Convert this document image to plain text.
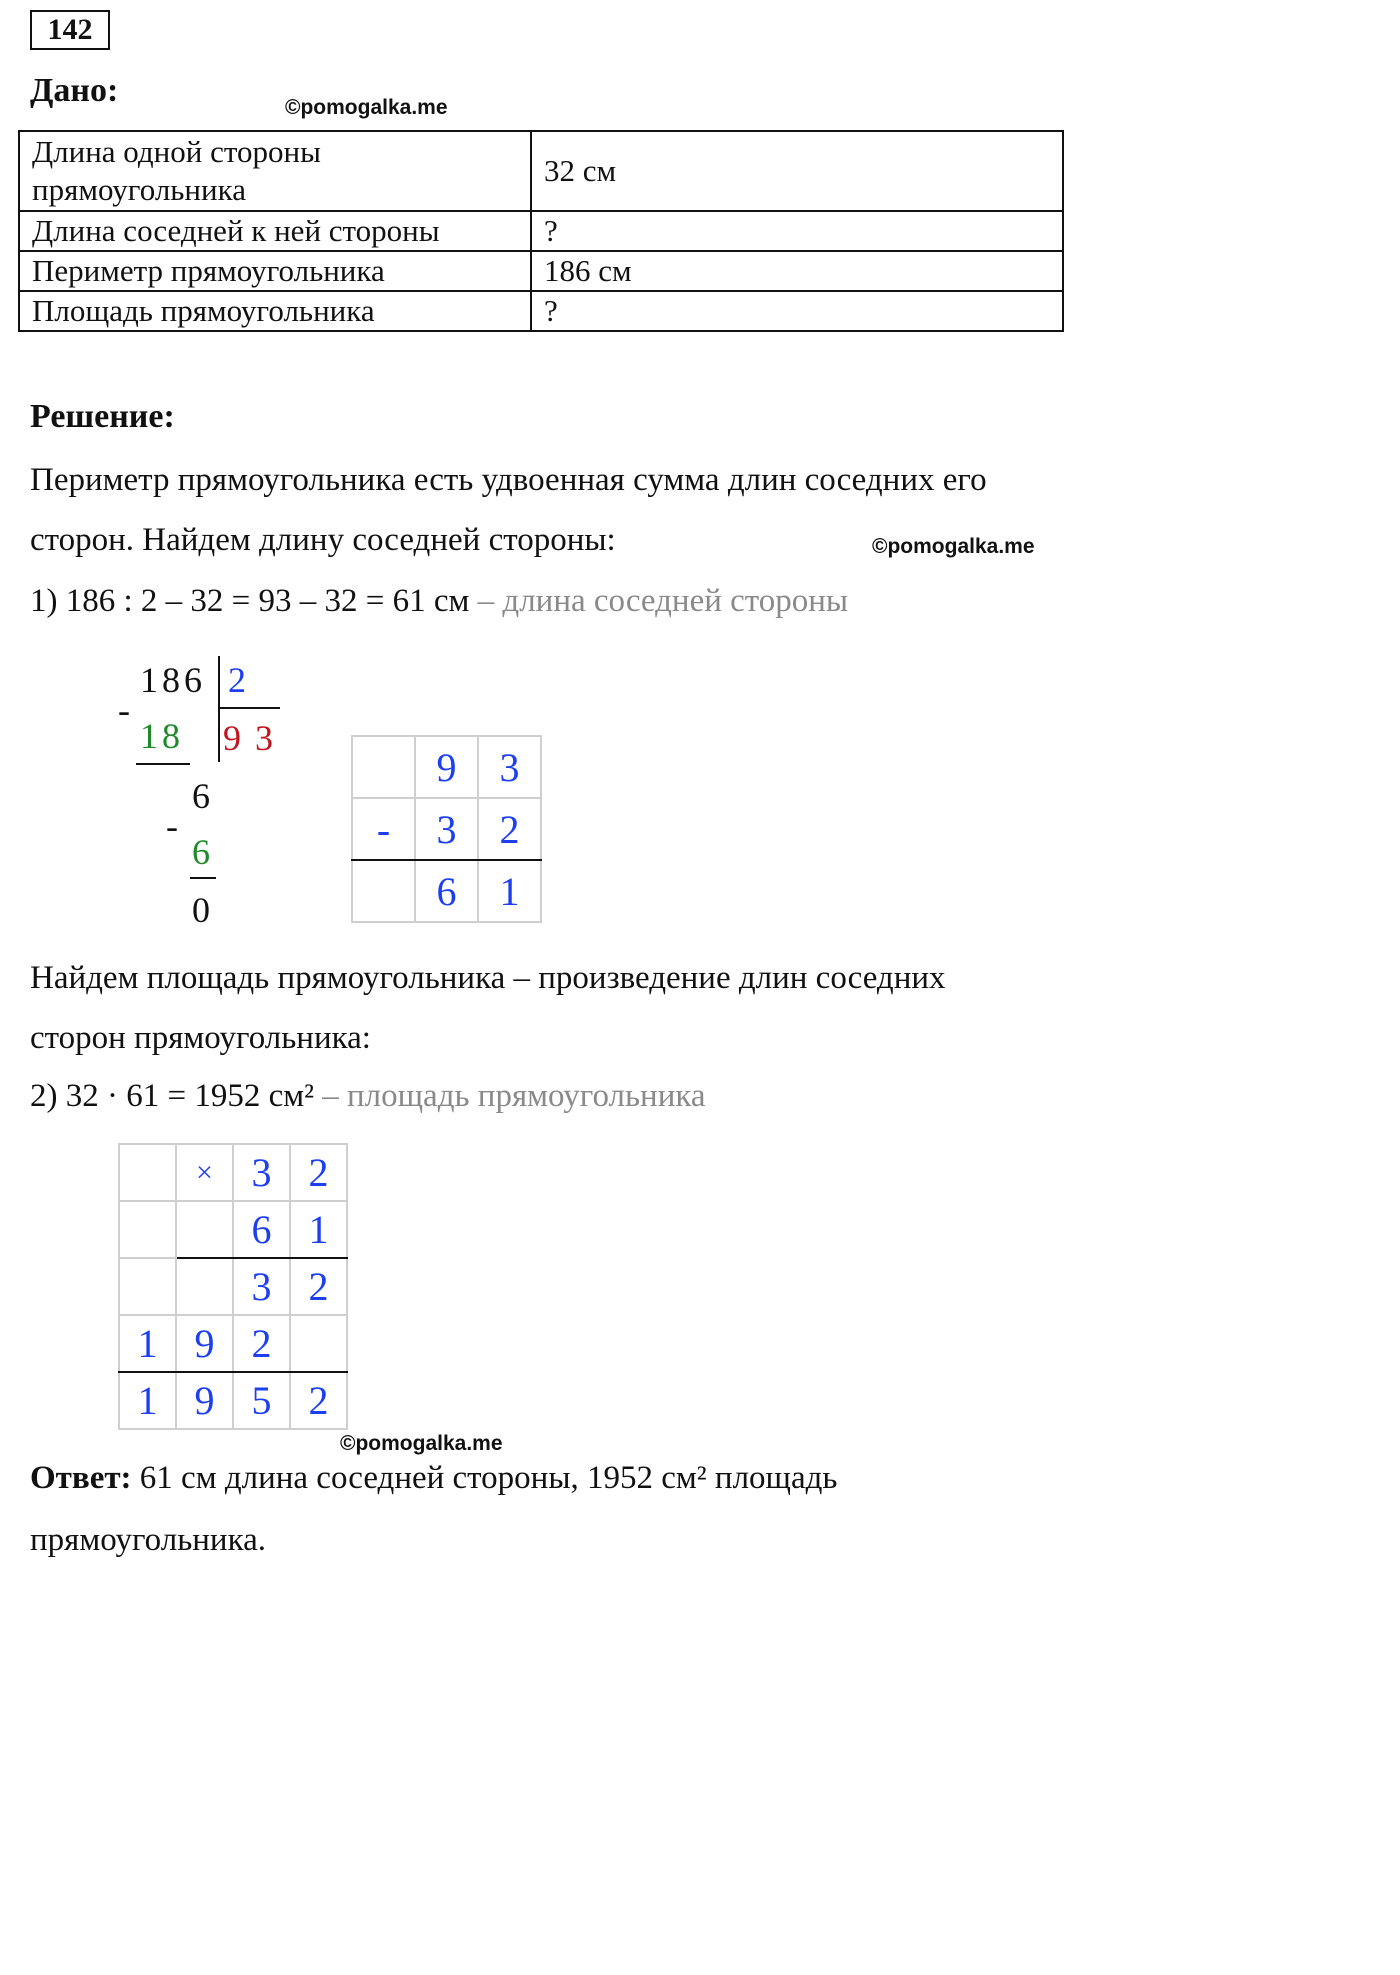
142
Дано:	©pomogalka.me
Длина одной стороны прямоугольника	32 см
Длина соседней к ней стороны	?
Периметр прямоугольника	186 см
Площадь прямоугольника	?
Решение:
Периметр прямоугольника есть удвоенная сумма длин соседних его
сторон. Найдем длину соседней стороны:	©pomogalka.me
1) 186 : 2 – 32 = 93 – 32 = 61 см – длина соседней стороны
186 2
9 3
-
18
6
-
6
0
	9	3
-	3	2
	6	1
Найдем площадь прямоугольника – произведение длин соседних
сторон прямоугольника:
2) 32 · 61 = 1952 см² – площадь прямоугольника
	×	3	2
		6	1
		3	2
1	9	2	
1	9	5	2
©pomogalka.me
Ответ: 61 см длина соседней стороны, 1952 см² площадь
прямоугольника.
